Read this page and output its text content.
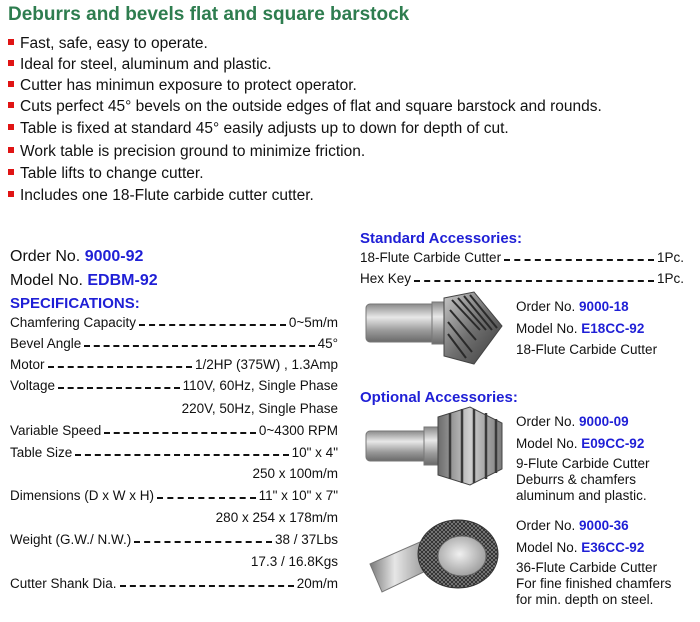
Deburrs and bevels flat and square barstock
Fast, safe, easy to operate.
Ideal for steel, aluminum and plastic.
Cutter has minimun exposure to protect operator.
Cuts perfect 45° bevels on the outside edges of flat and square barstock and rounds.
Table is fixed at standard 45° easily adjusts up to down for depth of cut.
Work table is precision ground to minimize friction.
Table lifts to change cutter.
Includes one 18-Flute carbide cutter cutter.
Order No. 9000-92
Model No. EDBM-92
SPECIFICATIONS:
Chamfering Capacity	0~5m/m
Bevel Angle	45°
Motor	1/2HP (375W) , 1.3Amp
Voltage	110V, 60Hz, Single Phase
220V, 50Hz, Single Phase
Variable Speed	0~4300 RPM
Table Size	10" x 4"
250 x 100m/m
Dimensions (D x W x H)	11" x 10" x 7"
280 x 254 x 178m/m
Weight (G.W./ N.W.)	38 / 37Lbs
17.3 / 16.8Kgs
Cutter Shank Dia.	20m/m
Standard Accessories:
18-Flute Carbide Cutter	1Pc.
Hex Key	1Pc.
Order No. 9000-18
Model No. E18CC-92
18-Flute Carbide Cutter
Optional Accessories:
Order No. 9000-09
Model No. E09CC-92
9-Flute Carbide Cutter
Deburrs & chamfers
aluminum and plastic.
Order No. 9000-36
Model No. E36CC-92
36-Flute Carbide Cutter
For fine finished chamfers
for min. depth on steel.
